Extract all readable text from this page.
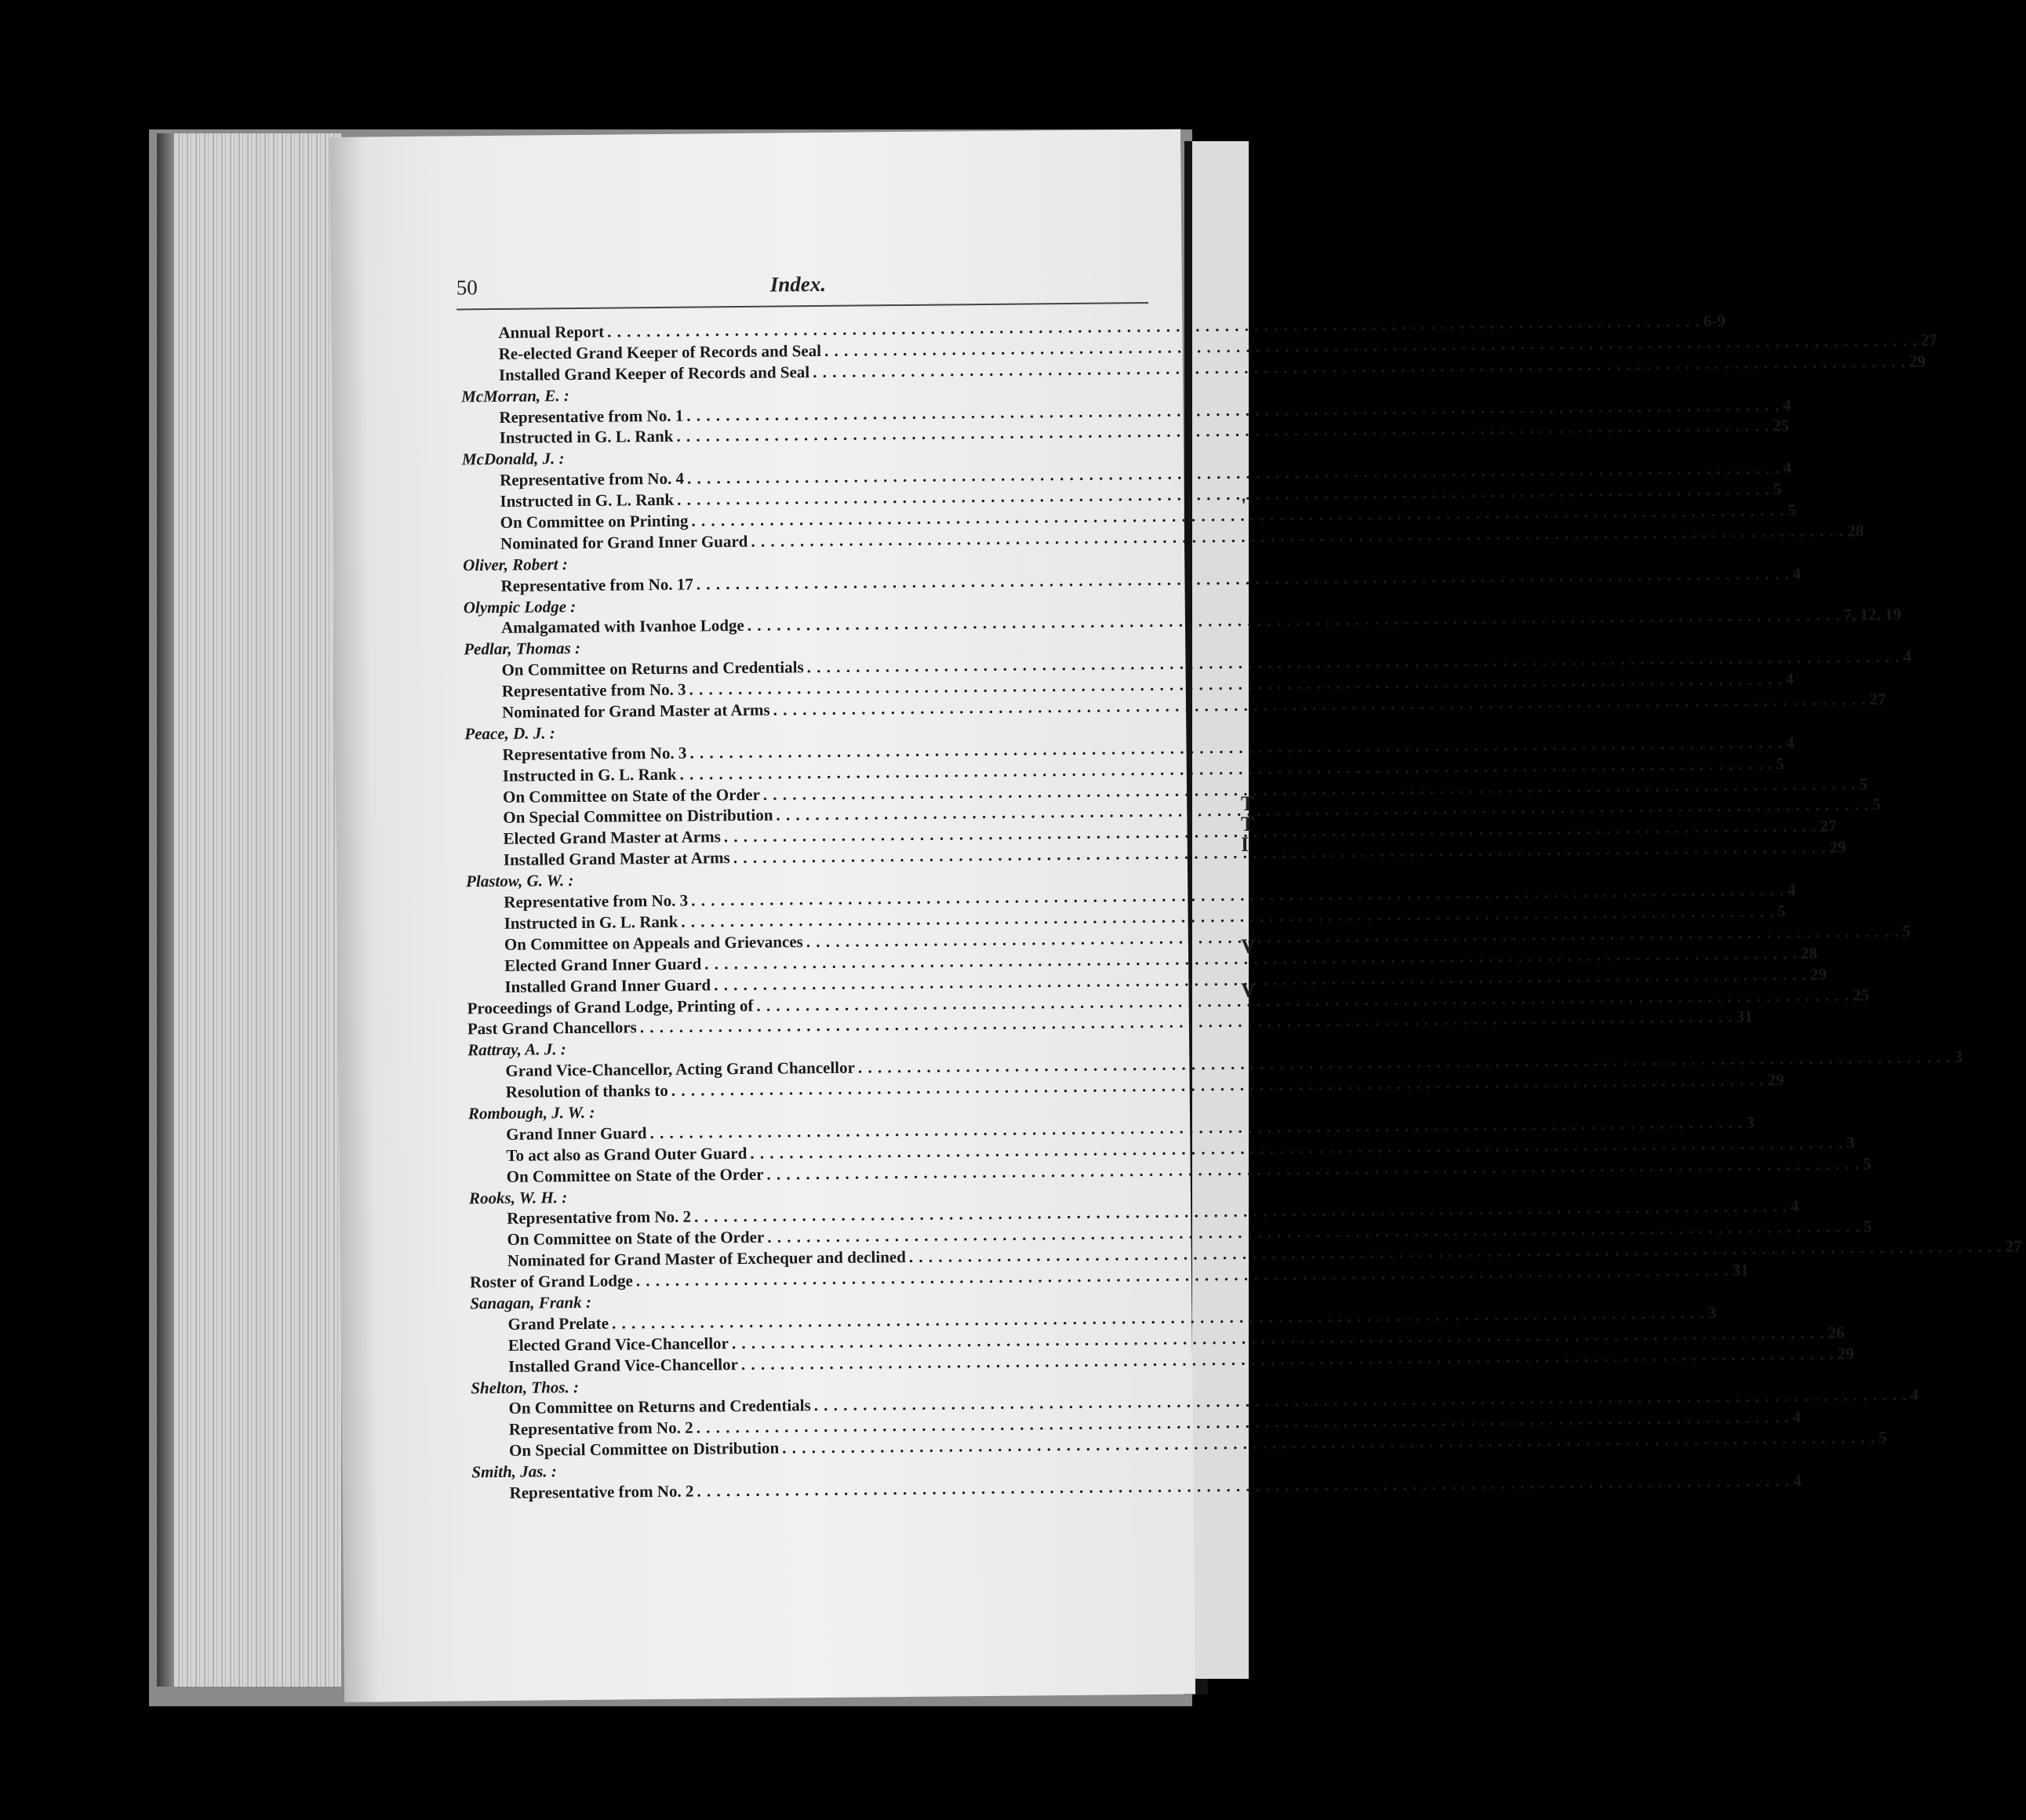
'
T
T
I
V
V
50	Index.
Annual Report
. . .
6-9
Re-elected Grand Keeper of Records and Seal
. . .
27
Installed Grand Keeper of Records and Seal
. . .
29
McMorran, E. :
Representative from No. 1
. . .
4
Instructed in G. L. Rank
. . .
25
McDonald, J. :
Representative from No. 4
. . .
4
Instructed in G. L. Rank
. . .
5
On Committee on Printing
. . .
5
Nominated for Grand Inner Guard
. . .
28
Oliver, Robert :
Representative from No. 17
. . .
4
Olympic Lodge :
Amalgamated with Ivanhoe Lodge
. . .
7, 12, 19
Pedlar, Thomas :
On Committee on Returns and Credentials
. . .
4
Representative from No. 3
. . .
4
Nominated for Grand Master at Arms
. . .
27
Peace, D. J. :
Representative from No. 3
. . .
4
Instructed in G. L. Rank
. . .
5
On Committee on State of the Order
. . .
5
On Special Committee on Distribution
. . .
5
Elected Grand Master at Arms
. . .
27
Installed Grand Master at Arms
. . .
29
Plastow, G. W. :
Representative from No. 3
. . .
4
Instructed in G. L. Rank
. . .
5
On Committee on Appeals and Grievances
. . .
5
Elected Grand Inner Guard
. . .
28
Installed Grand Inner Guard
. . .
29
Proceedings of Grand Lodge, Printing of
. . .
25
Past Grand Chancellors
. . .
31
Rattray, A. J. :
Grand Vice-Chancellor, Acting Grand Chancellor
. . .
3
Resolution of thanks to
. . .
29
Rombough, J. W. :
Grand Inner Guard
. . .
3
To act also as Grand Outer Guard
. . .
3
On Committee on State of the Order
. . .
5
Rooks, W. H. :
Representative from No. 2
. . .
4
On Committee on State of the Order
. . .
5
Nominated for Grand Master of Exchequer and declined
. . .
27
Roster of Grand Lodge
. . .
31
Sanagan, Frank :
Grand Prelate
. . .
3
Elected Grand Vice-Chancellor
. . .
26
Installed Grand Vice-Chancellor
. . .
29
Shelton, Thos. :
On Committee on Returns and Credentials
. . .
4
Representative from No. 2
. . .
4
On Special Committee on Distribution
. . .
5
Smith, Jas. :
Representative from No. 2
. . .
4
